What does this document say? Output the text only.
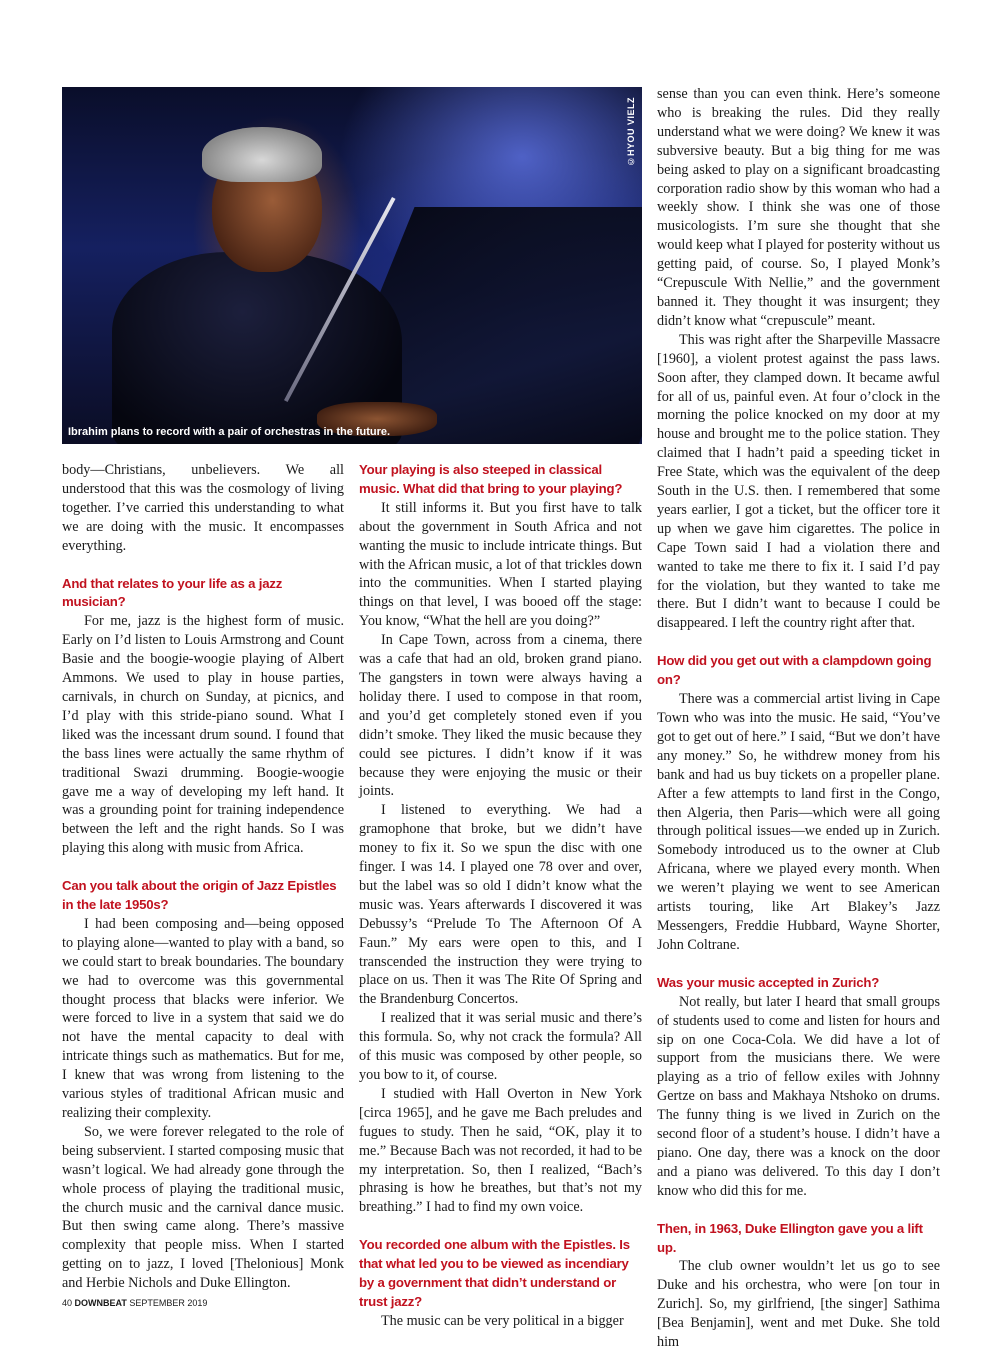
©HYOU VIELZ
Ibrahim plans to record with a pair of orchestras in the future.

body—Christians, unbelievers. We all understood that this was the cosmology of living together. I’ve carried this understanding to what we are doing with the music. It encompasses everything.

And that relates to your life as a jazz musician?

For me, jazz is the highest form of music. Early on I’d listen to Louis Armstrong and Count Basie and the boogie-woogie playing of Albert Ammons. We used to play in house parties, carnivals, in church on Sunday, at picnics, and I’d play with this stride-piano sound. What I liked was the incessant drum sound. I found that the bass lines were actually the same rhythm of traditional Swazi drumming. Boogie-woogie gave me a way of developing my left hand. It was a grounding point for training independence between the left and the right hands. So I was playing this along with music from Africa.

Can you talk about the origin of Jazz Epistles in the late 1950s?

I had been composing and—being opposed to playing alone—wanted to play with a band, so we could start to break boundaries. The boundary we had to overcome was this governmental thought process that blacks were inferior. We were forced to live in a system that said we do not have the mental capacity to deal with intricate things such as mathematics. But for me, I knew that was wrong from listening to the various styles of traditional African music and realizing their complexity.

So, we were forever relegated to the role of being subservient. I started composing music that wasn’t logical. We had already gone through the whole process of playing the traditional music, the church music and the carnival dance music. But then swing came along. There’s massive complexity that people miss. When I started getting on to jazz, I loved [Thelonious] Monk and Herbie Nichols and Duke Ellington.

Your playing is also steeped in classical music. What did that bring to your playing?

It still informs it. But you first have to talk about the government in South Africa and not wanting the music to include intricate things. But with the African music, a lot of that trickles down into the communities. When I started playing things on that level, I was booed off the stage: You know, “What the hell are you doing?”

In Cape Town, across from a cinema, there was a cafe that had an old, broken grand piano. The gangsters in town were always having a holiday there. I used to compose in that room, and you’d get completely stoned even if you didn’t smoke. They liked the music because they could see pictures. I didn’t know if it was because they were enjoying the music or their joints.

I listened to everything. We had a gramophone that broke, but we didn’t have money to fix it. So we spun the disc with one finger. I was 14. I played one 78 over and over, but the label was so old I didn’t know what the music was. Years afterwards I discovered it was Debussy’s “Prelude To The Afternoon Of A Faun.” My ears were open to this, and I transcended the instruction they were trying to place on us. Then it was The Rite Of Spring and the Brandenburg Concertos.

I realized that it was serial music and there’s this formula. So, why not crack the formula? All of this music was composed by other people, so you bow to it, of course.

I studied with Hall Overton in New York [circa 1965], and he gave me Bach preludes and fugues to study. Then he said, “OK, play it to me.” Because Bach was not recorded, it had to be my interpretation. So, then I realized, “Bach’s phrasing is how he breathes, but that’s not my breathing.” I had to find my own voice.

You recorded one album with the Epistles. Is that what led you to be viewed as incendiary by a government that didn’t understand or trust jazz?

The music can be very political in a bigger

sense than you can even think. Here’s someone who is breaking the rules. Did they really understand what we were doing? We knew it was subversive beauty. But a big thing for me was being asked to play on a significant broadcasting corporation radio show by this woman who had a weekly show. I think she was one of those musicologists. I’m sure she thought that she would keep what I played for posterity without us getting paid, of course. So, I played Monk’s “Crepuscule With Nellie,” and the government banned it. They thought it was insurgent; they didn’t know what “crepuscule” meant.

This was right after the Sharpeville Massacre [1960], a violent protest against the pass laws. Soon after, they clamped down. It became awful for all of us, painful even. At four o’clock in the morning the police knocked on my door at my house and brought me to the police station. They claimed that I hadn’t paid a speeding ticket in Free State, which was the equivalent of the deep South in the U.S. then. I remembered that some years earlier, I got a ticket, but the officer tore it up when we gave him cigarettes. The police in Cape Town said I had a violation there and wanted to take me there to fix it. I said I’d pay for the violation, but they wanted to take me there. But I didn’t want to because I could be disappeared. I left the country right after that.

How did you get out with a clampdown going on?

There was a commercial artist living in Cape Town who was into the music. He said, “You’ve got to get out of here.” I said, “But we don’t have any money.” So, he withdrew money from his bank and had us buy tickets on a propeller plane. After a few attempts to land first in the Congo, then Algeria, then Paris—which were all going through political issues—we ended up in Zurich. Somebody introduced us to the owner at Club Africana, where we played every month. When we weren’t playing we went to see American artists touring, like Art Blakey’s Jazz Messengers, Freddie Hubbard, Wayne Shorter, John Coltrane.

Was your music accepted in Zurich?

Not really, but later I heard that small groups of students used to come and listen for hours and sip on one Coca-Cola. We did have a lot of support from the musicians there. We were playing as a trio of fellow exiles with Johnny Gertze on bass and Makhaya Ntshoko on drums. The funny thing is we lived in Zurich on the second floor of a student’s house. I didn’t have a piano. One day, there was a knock on the door and a piano was delivered. To this day I don’t know who did this for me.

Then, in 1963, Duke Ellington gave you a lift up.

The club owner wouldn’t let us go to see Duke and his orchestra, who were [on tour in Zurich]. So, my girlfriend, [the singer] Sathima [Bea Benjamin], went and met Duke. She told him

40 DOWNBEAT SEPTEMBER 2019
